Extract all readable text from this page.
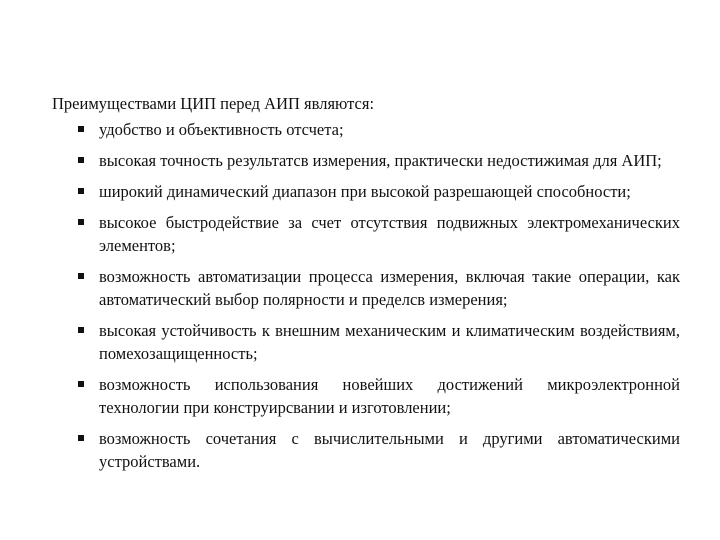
Преимуществами ЦИП перед АИП являются:

удобство и объективность отсчета;
высокая точность результатсв измерения, практически недостижимая для АИП;
широкий динамический диапазон при высокой разрешающей способности;
высокое быстродействие за счет отсутствия подвижных электромеханических элементов;
возможность автоматизации процесса измерения, включая такие операции, как автоматический выбор полярности и пределсв измерения;
высокая устойчивость к внешним механическим и климатическим воздействиям, помехозащищенность;
возможность использования новейших достижений микроэлектронной технологии при конструирсвании и изготовлении;
возможность сочетания с вычислительными и другими автоматическими устройствами.
